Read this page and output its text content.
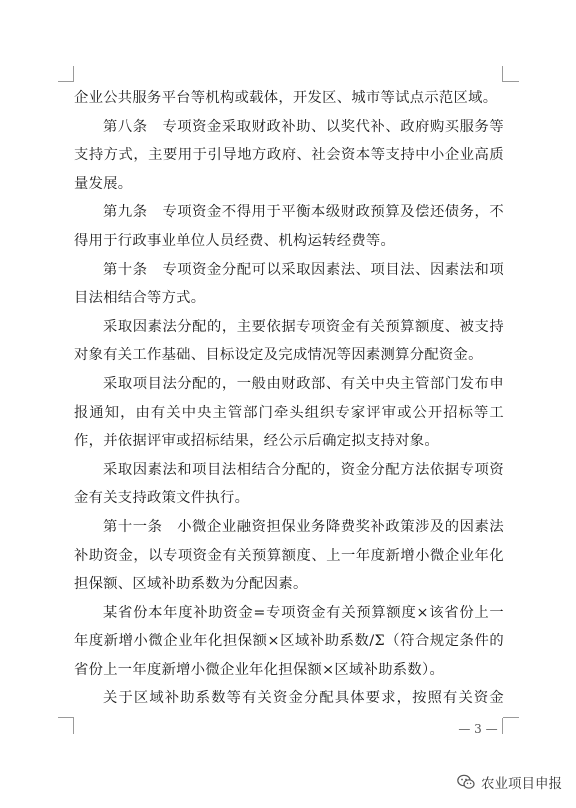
企业公共服务平台等机构或载体，开发区、城市等试点示范区域。

第八条　专项资金采取财政补助、以奖代补、政府购买服务等支持方式，主要用于引导地方政府、社会资本等支持中小企业高质量发展。

第九条　专项资金不得用于平衡本级财政预算及偿还债务，不得用于行政事业单位人员经费、机构运转经费等。

第十条　专项资金分配可以采取因素法、项目法、因素法和项目法相结合等方式。

采取因素法分配的，主要依据专项资金有关预算额度、被支持对象有关工作基础、目标设定及完成情况等因素测算分配资金。

采取项目法分配的，一般由财政部、有关中央主管部门发布申报通知，由有关中央主管部门牵头组织专家评审或公开招标等工作，并依据评审或招标结果，经公示后确定拟支持对象。

采取因素法和项目法相结合分配的，资金分配方法依据专项资金有关支持政策文件执行。

第十一条　小微企业融资担保业务降费奖补政策涉及的因素法补助资金，以专项资金有关预算额度、上一年度新增小微企业年化担保额、区域补助系数为分配因素。

某省份本年度补助资金=专项资金有关预算额度×该省份上一年度新增小微企业年化担保额×区域补助系数/Σ（符合规定条件的省份上一年度新增小微企业年化担保额×区域补助系数）。

关于区域补助系数等有关资金分配具体要求，按照有关资金

— 3 —
农业项目申报
